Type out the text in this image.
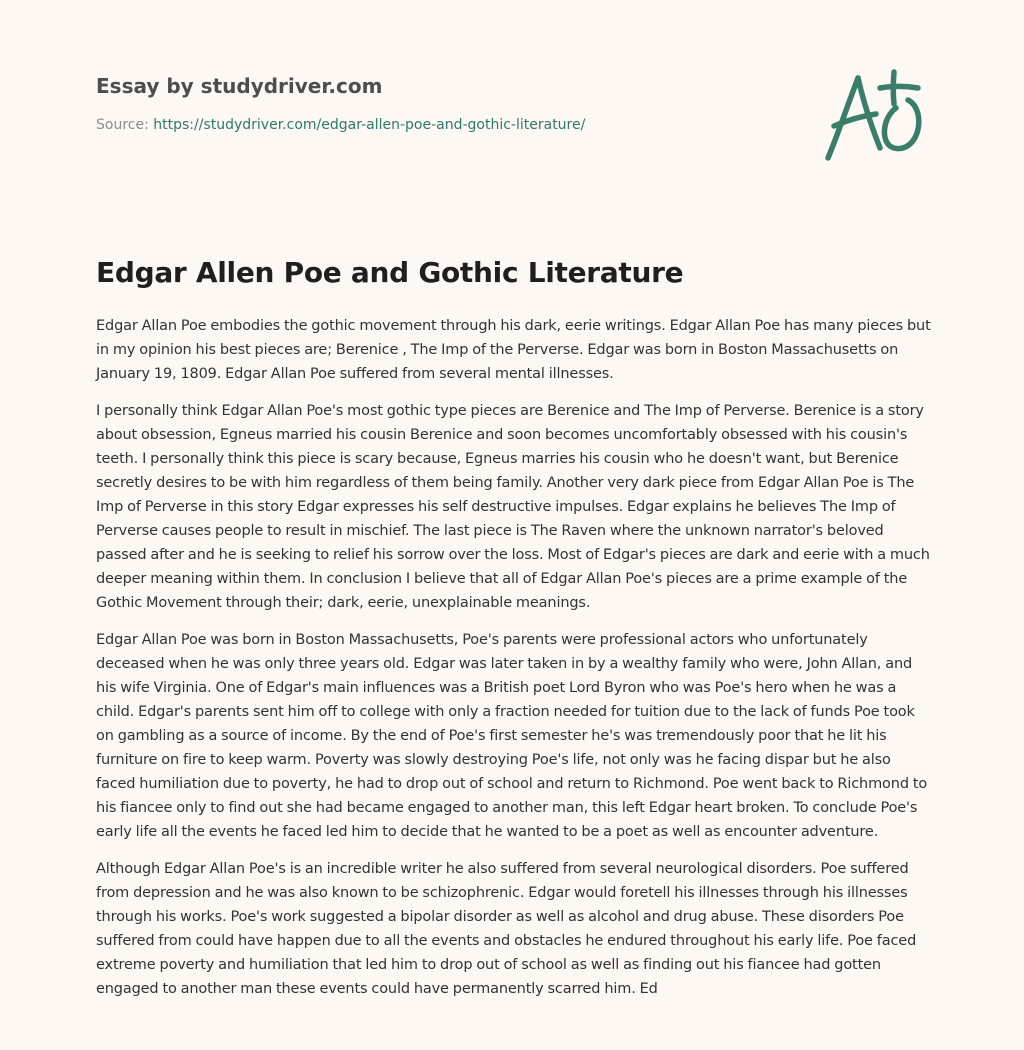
Essay by studydriver.com
Source: https://studydriver.com/edgar-allen-poe-and-gothic-literature/
Edgar Allen Poe and Gothic Literature

Edgar Allan Poe embodies the gothic movement through his dark, eerie writings. Edgar Allan Poe has many pieces but in my opinion his best pieces are; Berenice , The Imp of the Perverse. Edgar was born in Boston Massachusetts on January 19, 1809. Edgar Allan Poe suffered from several mental illnesses.

I personally think Edgar Allan Poe's most gothic type pieces are Berenice and The Imp of Perverse. Berenice is a story about obsession, Egneus married his cousin Berenice and soon becomes uncomfortably obsessed with his cousin's teeth. I personally think this piece is scary because, Egneus marries his cousin who he doesn't want, but Berenice secretly desires to be with him regardless of them being family. Another very dark piece from Edgar Allan Poe is The Imp of Perverse in this story Edgar expresses his self destructive impulses. Edgar explains he believes The Imp of Perverse causes people to result in mischief. The last piece is The Raven where the unknown narrator's beloved passed after and he is seeking to relief his sorrow over the loss. Most of Edgar's pieces are dark and eerie with a much deeper meaning within them. In conclusion I believe that all of Edgar Allan Poe's pieces are a prime example of the Gothic Movement through their; dark, eerie, unexplainable meanings.

Edgar Allan Poe was born in Boston Massachusetts, Poe's parents were professional actors who unfortunately deceased when he was only three years old. Edgar was later taken in by a wealthy family who were, John Allan, and his wife Virginia. One of Edgar's main influences was a British poet Lord Byron who was Poe's hero when he was a child. Edgar's parents sent him off to college with only a fraction needed for tuition due to the lack of funds Poe took on gambling as a source of income. By the end of Poe's first semester he's was tremendously poor that he lit his furniture on fire to keep warm. Poverty was slowly destroying Poe's life, not only was he facing dispar but he also faced humiliation due to poverty, he had to drop out of school and return to Richmond. Poe went back to Richmond to his fiancee only to find out she had became engaged to another man, this left Edgar heart broken. To conclude Poe's early life all the events he faced led him to decide that he wanted to be a poet as well as encounter adventure.

Although Edgar Allan Poe's is an incredible writer he also suffered from several neurological disorders. Poe suffered from depression and he was also known to be schizophrenic. Edgar would foretell his illnesses through his illnesses through his works. Poe's work suggested a bipolar disorder as well as alcohol and drug abuse. These disorders Poe suffered from could have happen due to all the events and obstacles he endured throughout his early life. Poe faced extreme poverty and humiliation that led him to drop out of school as well as finding out his fiancee had gotten engaged to another man these events could have permanently scarred him. Ed
